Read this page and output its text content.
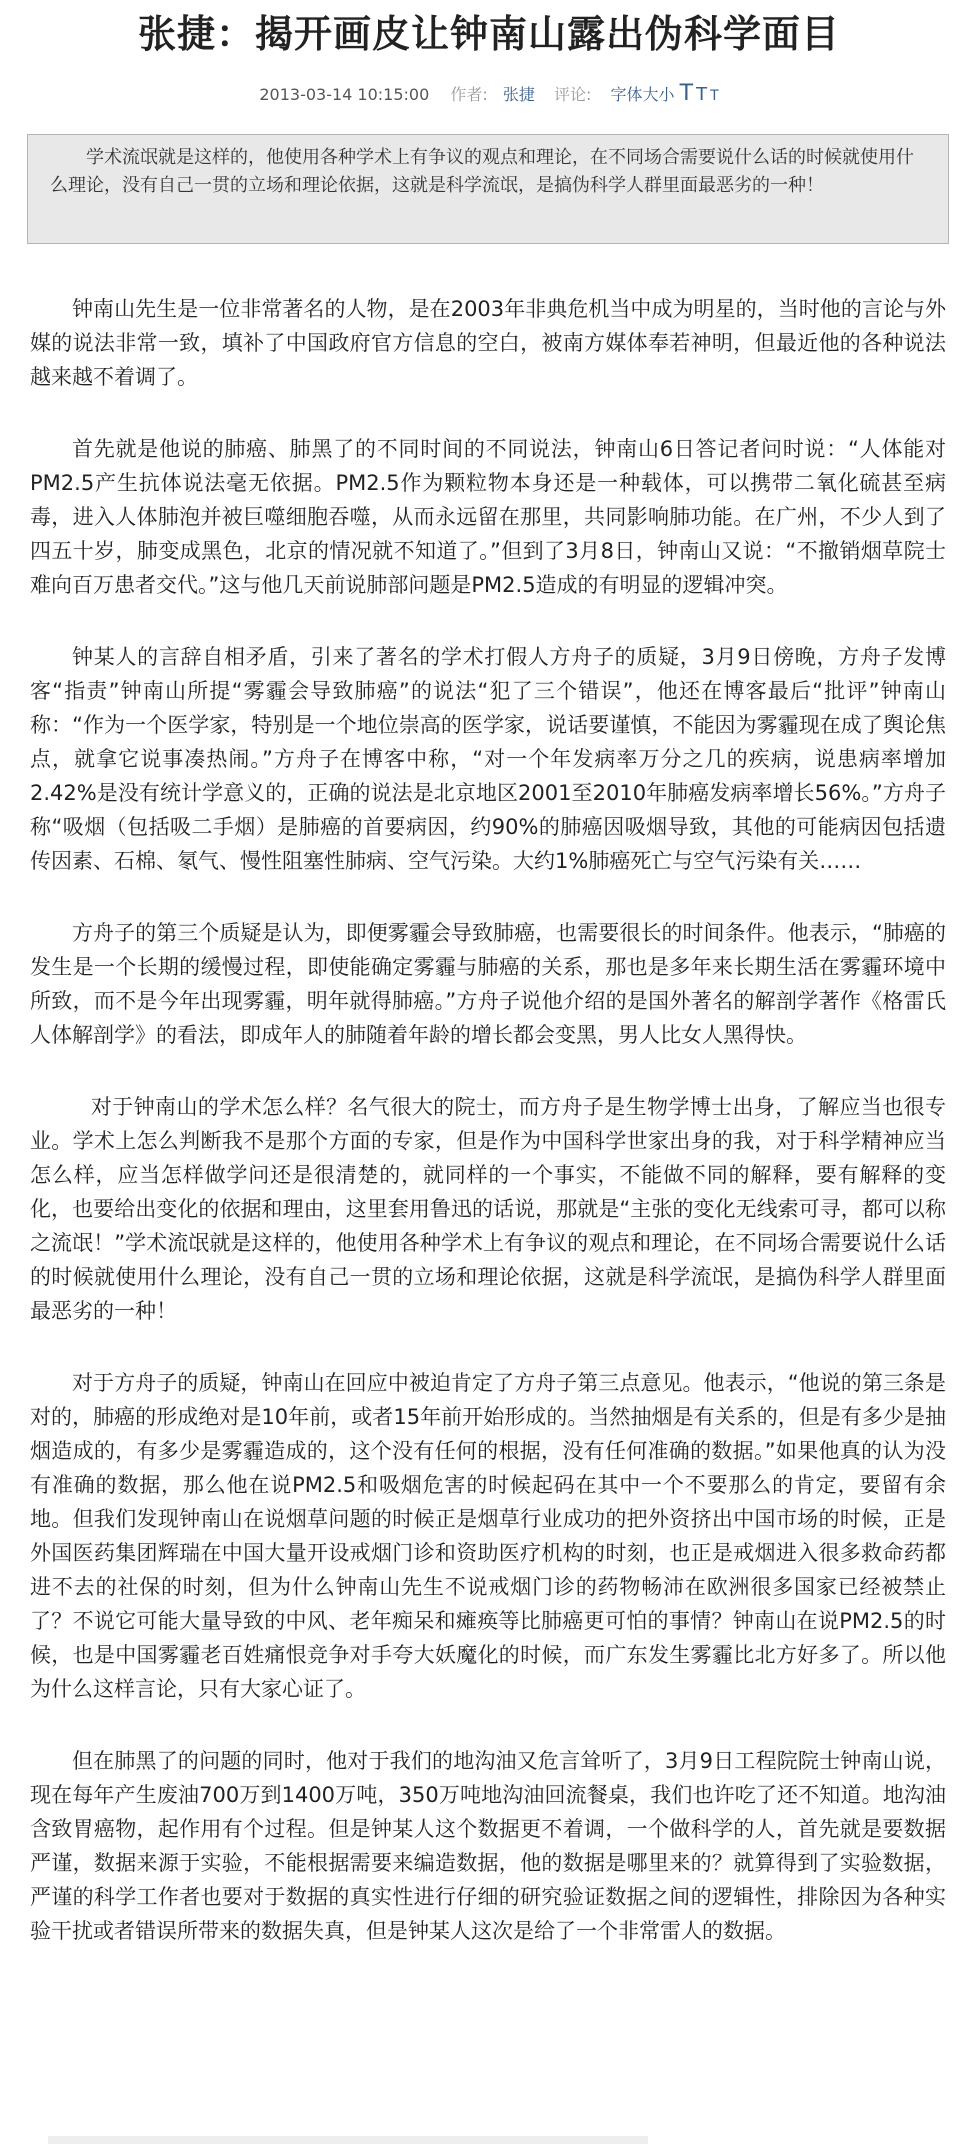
张捷：揭开画皮让钟南山露出伪科学面目
2013-03-14 10:15:00 作者: 张捷 评论: 字体大小 T T T
学术流氓就是这样的，他使用各种学术上有争议的观点和理论，在不同场合需要说什么话的时候就使用什么理论，没有自己一贯的立场和理论依据，这就是科学流氓，是搞伪科学人群里面最恶劣的一种！

钟南山先生是一位非常著名的人物，是在2003年非典危机当中成为明星的，当时他的言论与外媒的说法非常一致，填补了中国政府官方信息的空白，被南方媒体奉若神明，但最近他的各种说法越来越不着调了。

首先就是他说的肺癌、肺黑了的不同时间的不同说法，钟南山6日答记者问时说：“人体能对PM2.5产生抗体说法毫无依据。PM2.5作为颗粒物本身还是一种载体，可以携带二氧化硫甚至病毒，进入人体肺泡并被巨噬细胞吞噬，从而永远留在那里，共同影响肺功能。在广州，不少人到了四五十岁，肺变成黑色，北京的情况就不知道了。”但到了3月8日，钟南山又说：“不撤销烟草院士难向百万患者交代。”这与他几天前说肺部问题是PM2.5造成的有明显的逻辑冲突。

钟某人的言辞自相矛盾，引来了著名的学术打假人方舟子的质疑，3月9日傍晚，方舟子发博客“指责”钟南山所提“雾霾会导致肺癌”的说法“犯了三个错误”，他还在博客最后“批评”钟南山称：“作为一个医学家，特别是一个地位崇高的医学家，说话要谨慎，不能因为雾霾现在成了舆论焦点，就拿它说事凑热闹。”方舟子在博客中称，“对一个年发病率万分之几的疾病，说患病率增加2.42%是没有统计学意义的，正确的说法是北京地区2001至2010年肺癌发病率增长56%。”方舟子称“吸烟（包括吸二手烟）是肺癌的首要病因，约90%的肺癌因吸烟导致，其他的可能病因包括遗传因素、石棉、氡气、慢性阻塞性肺病、空气污染。大约1%肺癌死亡与空气污染有关……

方舟子的第三个质疑是认为，即便雾霾会导致肺癌，也需要很长的时间条件。他表示，“肺癌的发生是一个长期的缓慢过程，即使能确定雾霾与肺癌的关系，那也是多年来长期生活在雾霾环境中所致，而不是今年出现雾霾，明年就得肺癌。”方舟子说他介绍的是国外著名的解剖学著作《格雷氏人体解剖学》的看法，即成年人的肺随着年龄的增长都会变黑，男人比女人黑得快。

对于钟南山的学术怎么样？名气很大的院士，而方舟子是生物学博士出身，了解应当也很专业。学术上怎么判断我不是那个方面的专家，但是作为中国科学世家出身的我，对于科学精神应当怎么样，应当怎样做学问还是很清楚的，就同样的一个事实，不能做不同的解释，要有解释的变化，也要给出变化的依据和理由，这里套用鲁迅的话说，那就是“主张的变化无线索可寻，都可以称之流氓！”学术流氓就是这样的，他使用各种学术上有争议的观点和理论，在不同场合需要说什么话的时候就使用什么理论，没有自己一贯的立场和理论依据，这就是科学流氓，是搞伪科学人群里面最恶劣的一种！

对于方舟子的质疑，钟南山在回应中被迫肯定了方舟子第三点意见。他表示，“他说的第三条是对的，肺癌的形成绝对是10年前，或者15年前开始形成的。当然抽烟是有关系的，但是有多少是抽烟造成的，有多少是雾霾造成的，这个没有任何的根据，没有任何准确的数据。”如果他真的认为没有准确的数据，那么他在说PM2.5和吸烟危害的时候起码在其中一个不要那么的肯定，要留有余地。但我们发现钟南山在说烟草问题的时候正是烟草行业成功的把外资挤出中国市场的时候，正是外国医药集团辉瑞在中国大量开设戒烟门诊和资助医疗机构的时刻，也正是戒烟进入很多救命药都进不去的社保的时刻，但为什么钟南山先生不说戒烟门诊的药物畅沛在欧洲很多国家已经被禁止了？不说它可能大量导致的中风、老年痴呆和瘫痪等比肺癌更可怕的事情？钟南山在说PM2.5的时候，也是中国雾霾老百姓痛恨竞争对手夸大妖魔化的时候，而广东发生雾霾比北方好多了。所以他为什么这样言论，只有大家心证了。

但在肺黑了的问题的同时，他对于我们的地沟油又危言耸听了，3月9日工程院院士钟南山说，现在每年产生废油700万到1400万吨，350万吨地沟油回流餐桌，我们也许吃了还不知道。地沟油含致胃癌物，起作用有个过程。但是钟某人这个数据更不着调，一个做科学的人，首先就是要数据严谨，数据来源于实验，不能根据需要来编造数据，他的数据是哪里来的？就算得到了实验数据，严谨的科学工作者也要对于数据的真实性进行仔细的研究验证数据之间的逻辑性，排除因为各种实验干扰或者错误所带来的数据失真，但是钟某人这次是给了一个非常雷人的数据。
